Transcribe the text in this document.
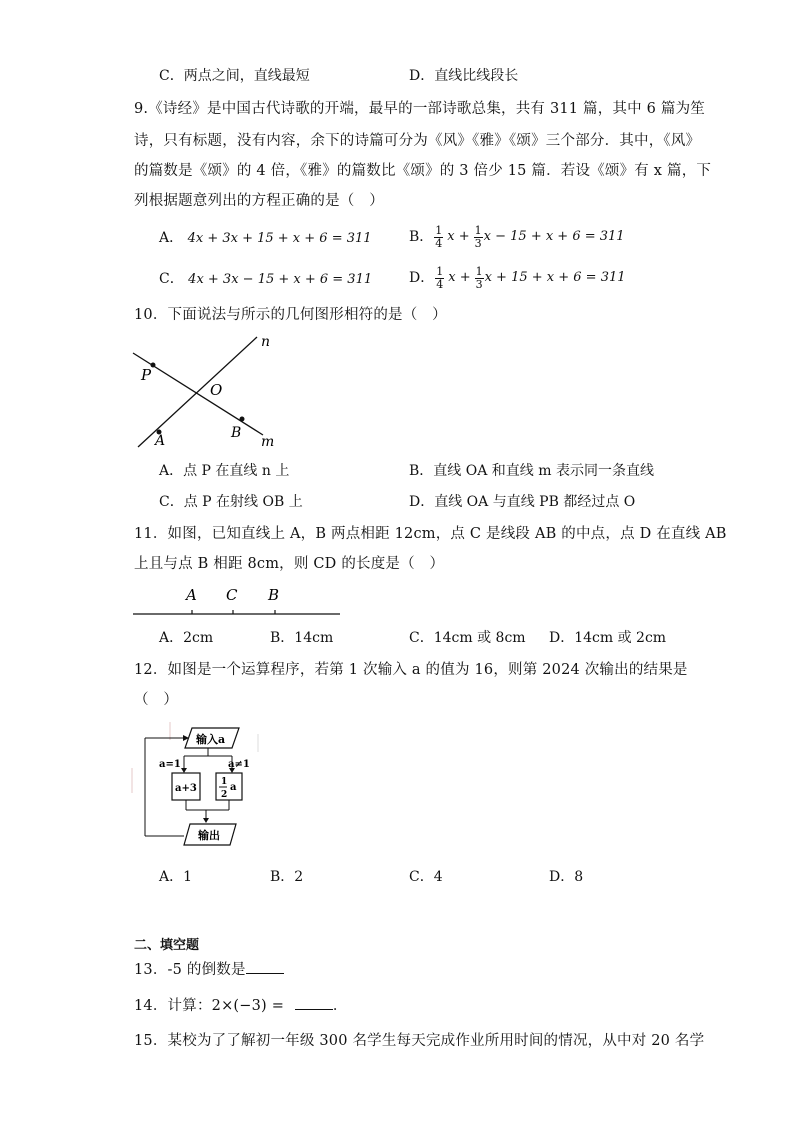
C．两点之间，直线最短	D．直线比线段长
9.《诗经》是中国古代诗歌的开端，最早的一部诗歌总集，共有 311 篇，其中 6 篇为笙
诗，只有标题，没有内容，余下的诗篇可分为《风》《雅》《颂》三个部分．其中，《风》
的篇数是《颂》的 4 倍，《雅》的篇数比《颂》的 3 倍少 15 篇．若设《颂》有 x 篇，下
列根据题意列出的方程正确的是（　）
A． 4x + 3x + 15 + x + 6 = 311	B． $\frac{1}{4}$ $x + \frac{1}{3}$ x − 15 + x + 6 = 311
C． 4x + 3x − 15 + x + 6 = 311	D． $\frac{1}{4}$ $x + \frac{1}{3}$ x + 15 + x + 6 = 311
10．下面说法与所示的几何图形相符的是（　）
n
P
O
A	B
m
A．点 P 在直线 n 上	B．直线 OA 和直线 m 表示同一条直线
C．点 P 在射线 OB 上	D．直线 OA 与直线 PB 都经过点 O
11．如图，已知直线上 A，B 两点相距 12cm，点 C 是线段 AB 的中点，点 D 在直线 AB
上且与点 B 相距 8cm，则 CD 的长度是（　）
A C B
A．2cm	B．14cm	C．14cm 或 8cm D．14cm 或 2cm
12．如图是一个运算程序，若第 1 次输入 a 的值为 16，则第 2024 次输出的结果是
（　）
输入a
a=1	a≠1
a+3
1
2
a
输出
A．1	B．2	C．4	D．8
二、填空题
13．-5 的倒数是
14．计算：2×(−3) =	．
15．某校为了了解初一年级 300 名学生每天完成作业所用时间的情况，从中对 20 名学
